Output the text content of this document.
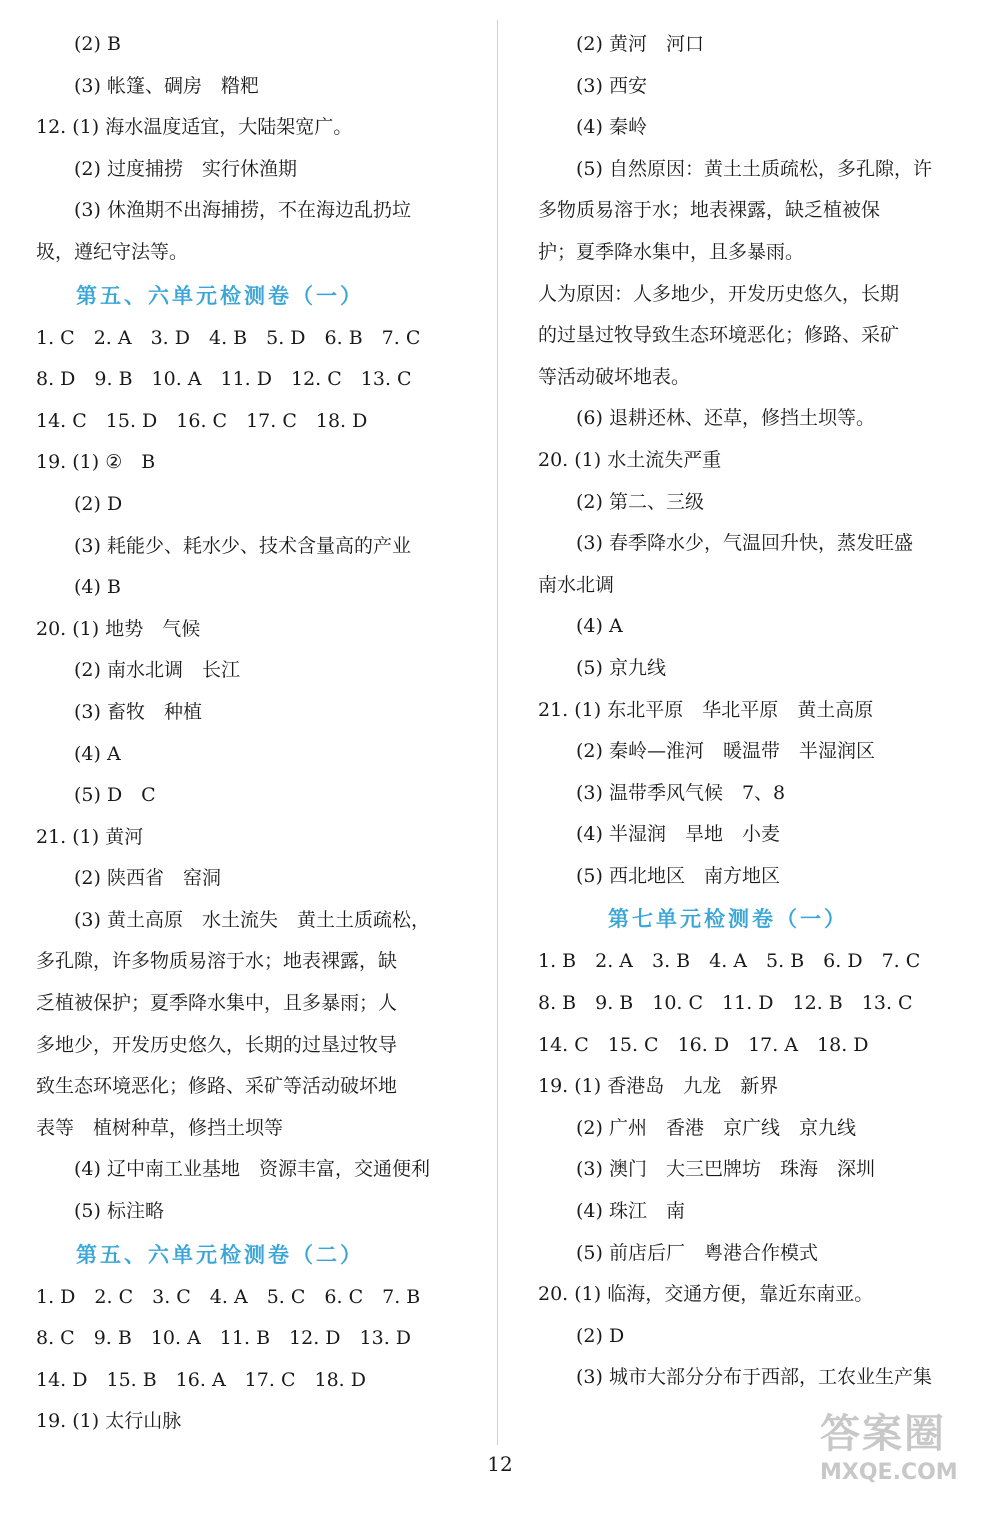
(2) B
(3) 帐篷、碉房　糌粑
12. (1) 海水温度适宜，大陆架宽广。
(2) 过度捕捞　实行休渔期
(3) 休渔期不出海捕捞，不在海边乱扔垃
圾，遵纪守法等。
第五、六单元检测卷（一）
1. C　2. A　3. D　4. B　5. D　6. B　7. C
8. D　9. B　10. A　11. D　12. C　13. C
14. C　15. D　16. C　17. C　18. D
19. (1) ②　B
(2) D
(3) 耗能少、耗水少、技术含量高的产业
(4) B
20. (1) 地势　气候
(2) 南水北调　长江
(3) 畜牧　种植
(4) A
(5) D　C
21. (1) 黄河
(2) 陕西省　窑洞
(3) 黄土高原　水土流失　黄土土质疏松，
多孔隙，许多物质易溶于水；地表裸露，缺
乏植被保护；夏季降水集中，且多暴雨；人
多地少，开发历史悠久，长期的过垦过牧导
致生态环境恶化；修路、采矿等活动破坏地
表等　植树种草，修挡土坝等
(4) 辽中南工业基地　资源丰富，交通便利
(5) 标注略
第五、六单元检测卷（二）
1. D　2. C　3. C　4. A　5. C　6. C　7. B
8. C　9. B　10. A　11. B　12. D　13. D
14. D　15. B　16. A　17. C　18. D
19. (1) 太行山脉
(2) 黄河　河口
(3) 西安
(4) 秦岭
(5) 自然原因：黄土土质疏松，多孔隙，许
多物质易溶于水；地表裸露，缺乏植被保
护；夏季降水集中，且多暴雨。
人为原因：人多地少，开发历史悠久，长期
的过垦过牧导致生态环境恶化；修路、采矿
等活动破坏地表。
(6) 退耕还林、还草，修挡土坝等。
20. (1) 水土流失严重
(2) 第二、三级
(3) 春季降水少，气温回升快，蒸发旺盛
南水北调
(4) A
(5) 京九线
21. (1) 东北平原　华北平原　黄土高原
(2) 秦岭—淮河　暖温带　半湿润区
(3) 温带季风气候　7、8
(4) 半湿润　旱地　小麦
(5) 西北地区　南方地区
第七单元检测卷（一）
1. B　2. A　3. B　4. A　5. B　6. D　7. C
8. B　9. B　10. C　11. D　12. B　13. C
14. C　15. C　16. D　17. A　18. D
19. (1) 香港岛　九龙　新界
(2) 广州　香港　京广线　京九线
(3) 澳门　大三巴牌坊　珠海　深圳
(4) 珠江　南
(5) 前店后厂　粤港合作模式
20. (1) 临海，交通方便，靠近东南亚。
(2) D
(3) 城市大部分分布于西部，工农业生产集
12
答案圈
MXQE.COM
